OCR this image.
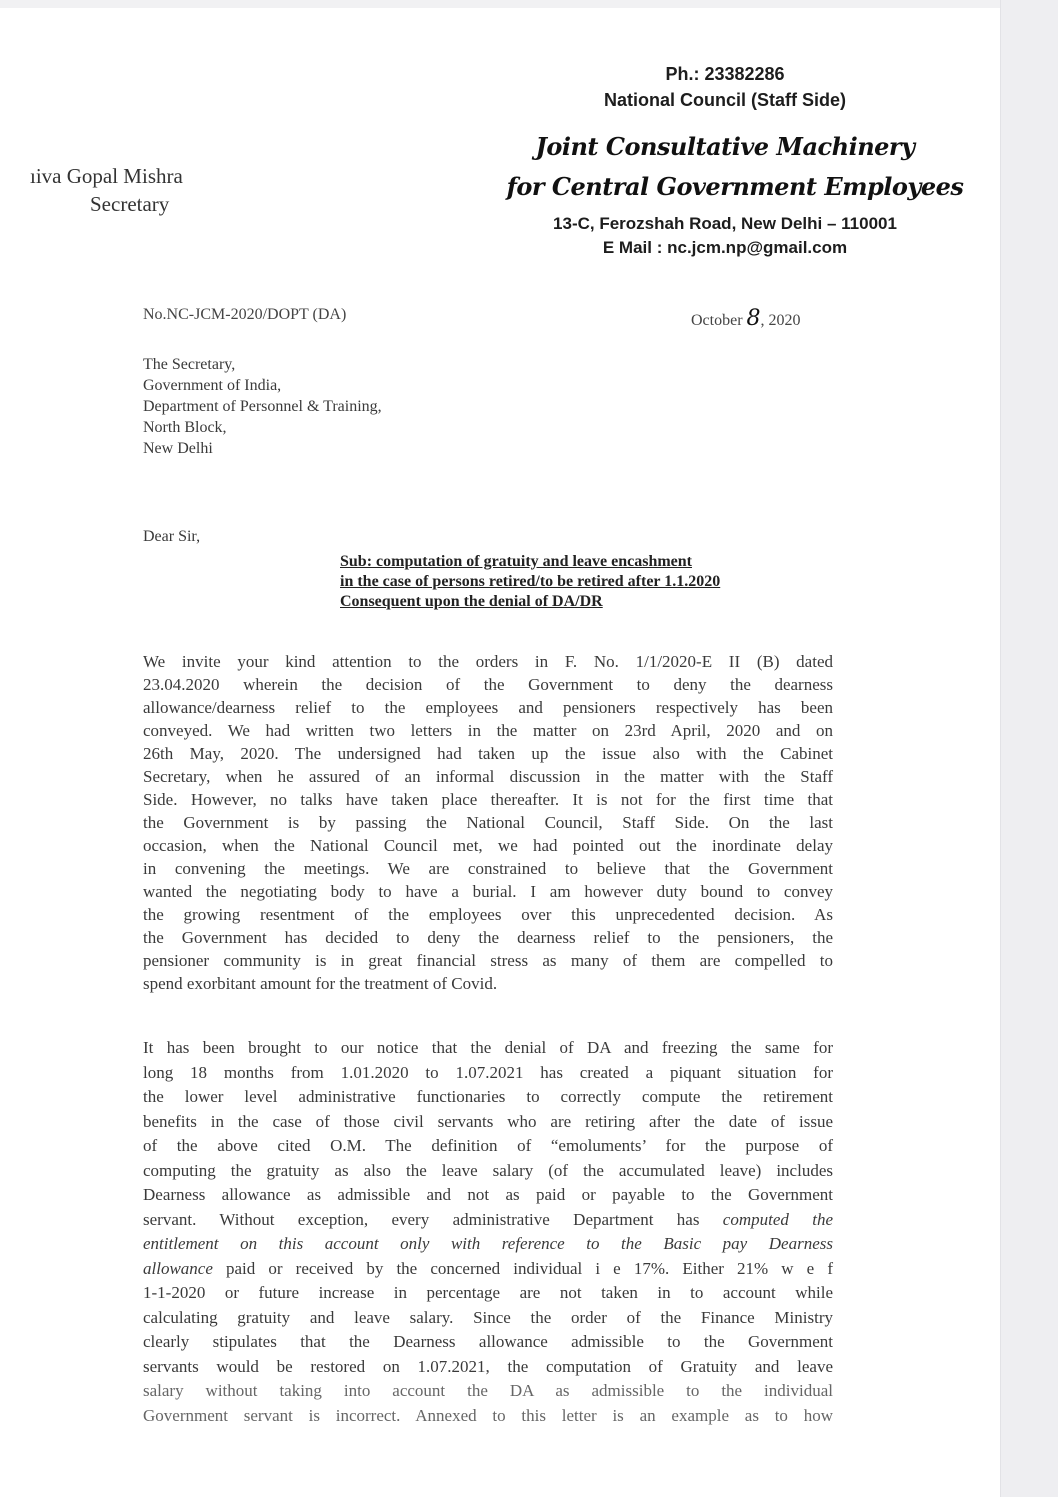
Ph.: 23382286
National Council (Staff Side)
Joint Consultative Machinery
for Central Government Employees
13-C, Ferozshah Road, New Delhi – 110001
E Mail : nc.jcm.np@gmail.com
ıiva Gopal Mishra
Secretary
No.NC-JCM-2020/DOPT (DA)	October 8, 2020
The Secretary,
Government of India,
Department of Personnel & Training,
North Block,
New Delhi
Dear Sir,
Sub: computation of gratuity and leave encashment
in the case of persons retired/to be retired after 1.1.2020
Consequent upon the denial of DA/DR
We invite your kind attention to the orders in F. No. 1/1/2020-E II (B) dated
23.04.2020 wherein the decision of the Government to deny the dearness
allowance/dearness relief to the employees and pensioners respectively has been
conveyed. We had written two letters in the matter on 23rd April, 2020 and on
26th May, 2020. The undersigned had taken up the issue also with the Cabinet
Secretary, when he assured of an informal discussion in the matter with the Staff
Side. However, no talks have taken place thereafter. It is not for the first time that
the Government is by passing the National Council, Staff Side. On the last
occasion, when the National Council met, we had pointed out the inordinate delay
in convening the meetings. We are constrained to believe that the Government
wanted the negotiating body to have a burial. I am however duty bound to convey
the growing resentment of the employees over this unprecedented decision. As
the Government has decided to deny the dearness relief to the pensioners, the
pensioner community is in great financial stress as many of them are compelled to
spend exorbitant amount for the treatment of Covid.
It has been brought to our notice that the denial of DA and freezing the same for
long 18 months from 1.01.2020 to 1.07.2021 has created a piquant situation for
the lower level administrative functionaries to correctly compute the retirement
benefits in the case of those civil servants who are retiring after the date of issue
of the above cited O.M. The definition of “emoluments’ for the purpose of
computing the gratuity as also the leave salary (of the accumulated leave) includes
Dearness allowance as admissible and not as paid or payable to the Government
servant. Without exception, every administrative Department has computed the
entitlement on this account only with reference to the Basic pay Dearness
allowance paid or received by the concerned individual i e 17%. Either 21% w e f
1-1-2020 or future increase in percentage are not taken in to account while
calculating gratuity and leave salary. Since the order of the Finance Ministry
clearly stipulates that the Dearness allowance admissible to the Government
servants would be restored on 1.07.2021, the computation of Gratuity and leave
salary without taking into account the DA as admissible to the individual
Government servant is incorrect. Annexed to this letter is an example as to how
